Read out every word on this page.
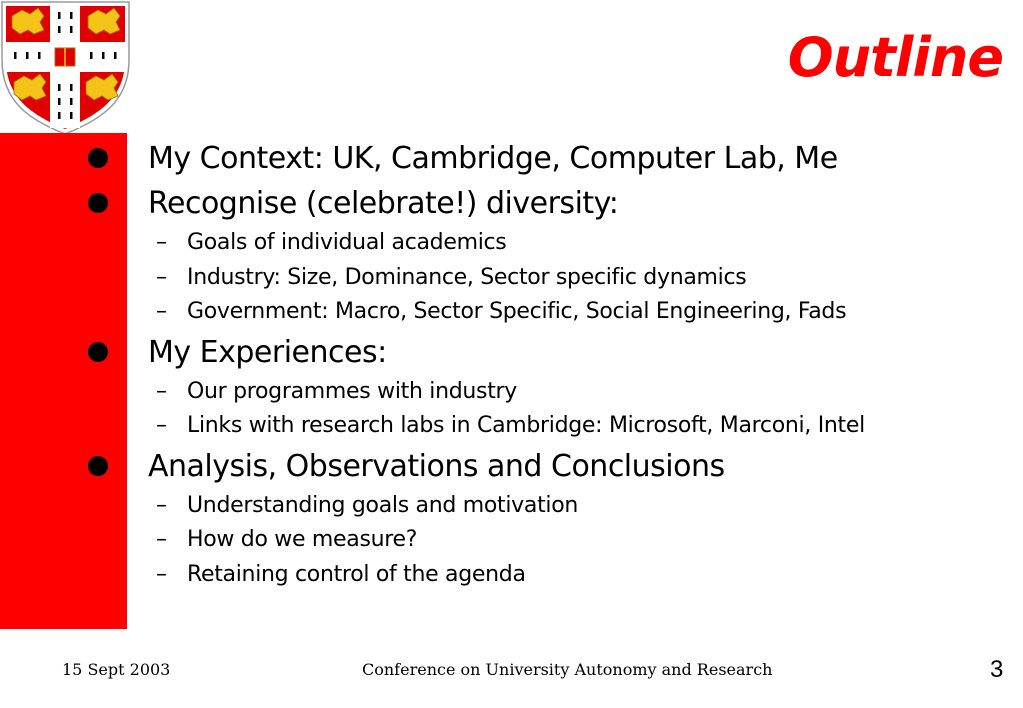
Outline
My Context: UK, Cambridge, Computer Lab, Me
Recognise (celebrate!) diversity:
– Goals of individual academics
– Industry: Size, Dominance, Sector specific dynamics
– Government: Macro, Sector Specific, Social Engineering, Fads
My Experiences:
– Our programmes with industry
– Links with research labs in Cambridge: Microsoft, Marconi, Intel
Analysis, Observations and Conclusions
– Understanding goals and motivation
– How do we measure?
– Retaining control of the agenda
15 Sept 2003	Conference on University Autonomy and Research	3
